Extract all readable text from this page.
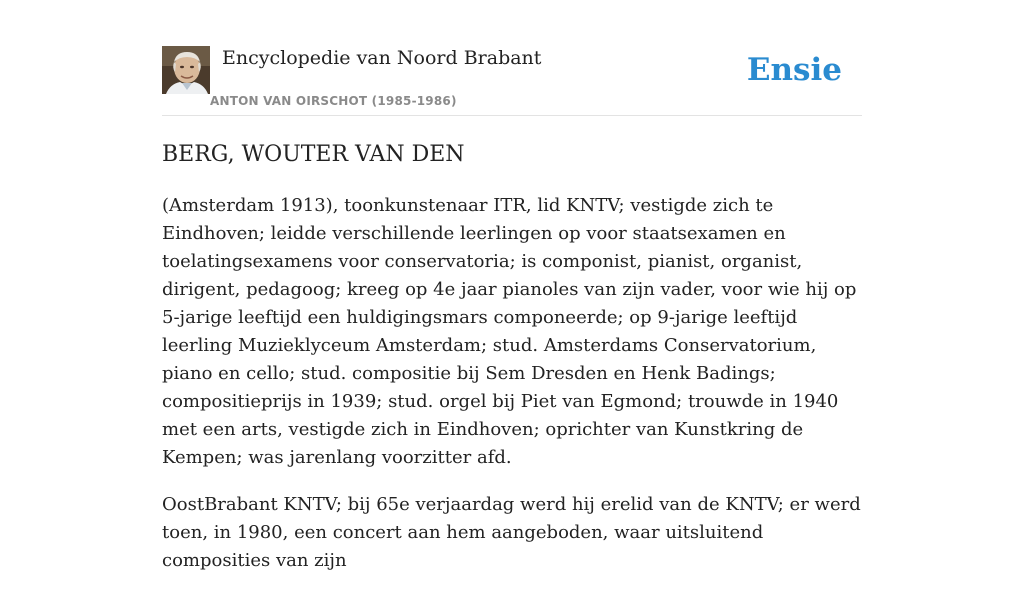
Encyclopedie van Noord Brabant
ANTON VAN OIRSCHOT (1985-1986)
Ensie
BERG, WOUTER VAN DEN

(Amsterdam 1913), toonkunstenaar ITR, lid KNTV; vestigde zich te Eindhoven; leidde verschillende leerlingen op voor staatsexamen en toelatingsexamens voor conservatoria; is componist, pianist, organist, dirigent, pedagoog; kreeg op 4e jaar pianoles van zijn vader, voor wie hij op 5-jarige leeftijd een huldigingsmars componeerde; op 9-jarige leeftijd leerling Muzieklyceum Amsterdam; stud. Amsterdams Conservatorium, piano en cello; stud. compositie bij Sem Dresden en Henk Badings; compositieprijs in 1939; stud. orgel bij Piet van Egmond; trouwde in 1940 met een arts, vestigde zich in Eindhoven; oprichter van Kunstkring de Kempen; was jarenlang voorzitter afd.

OostBrabant KNTV; bij 65e verjaardag werd hij erelid van de KNTV; er werd toen, in 1980, een concert aan hem aangeboden, waar uitsluitend composities van zijn
